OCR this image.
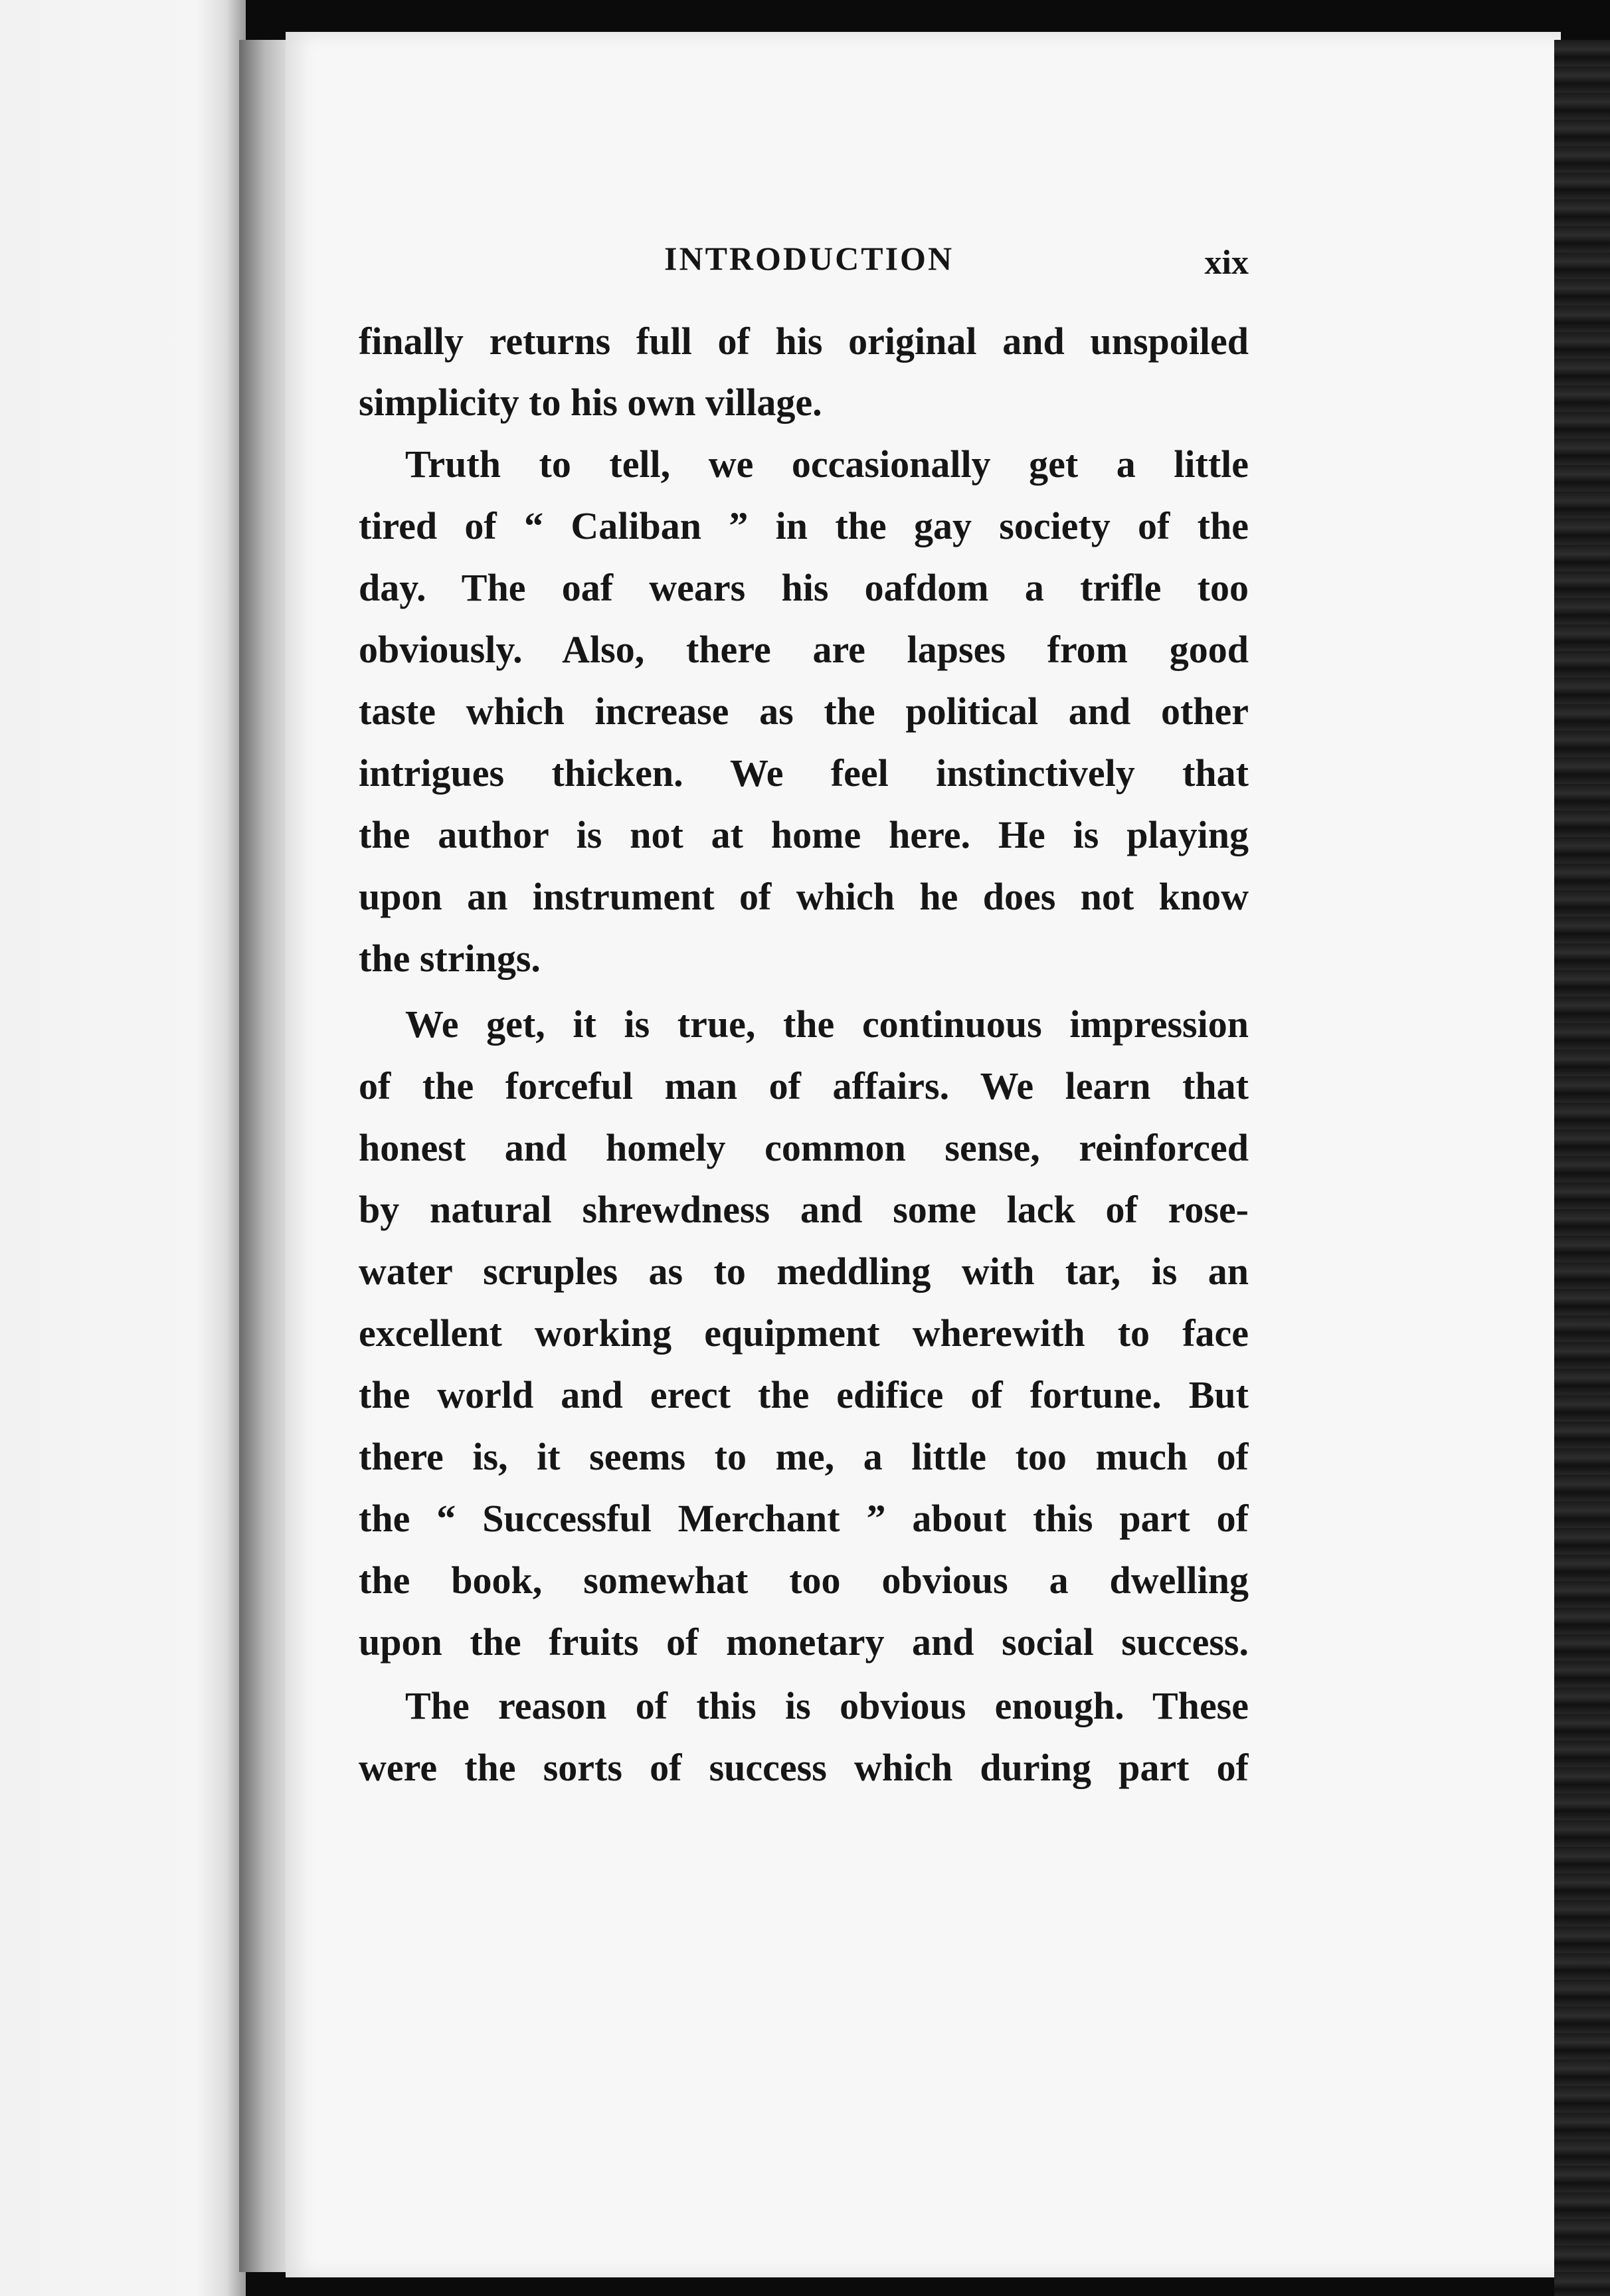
INTRODUCTION	xix
finally returns full of his original and unspoiled
simplicity to his own village.
Truth to tell, we occasionally get a little
tired of “ Caliban ” in the gay society of the
day. The oaf wears his oafdom a trifle too
obviously. Also, there are lapses from good
taste which increase as the political and other
intrigues thicken. We feel instinctively that
the author is not at home here. He is playing
upon an instrument of which he does not know
the strings.
We get, it is true, the continuous impression
of the forceful man of affairs. We learn that
honest and homely common sense, reinforced
by natural shrewdness and some lack of rose-
water scruples as to meddling with tar, is an
excellent working equipment wherewith to face
the world and erect the edifice of fortune. But
there is, it seems to me, a little too much of
the “ Successful Merchant ” about this part of
the book, somewhat too obvious a dwelling
upon the fruits of monetary and social success.
The reason of this is obvious enough. These
were the sorts of success which during part of
